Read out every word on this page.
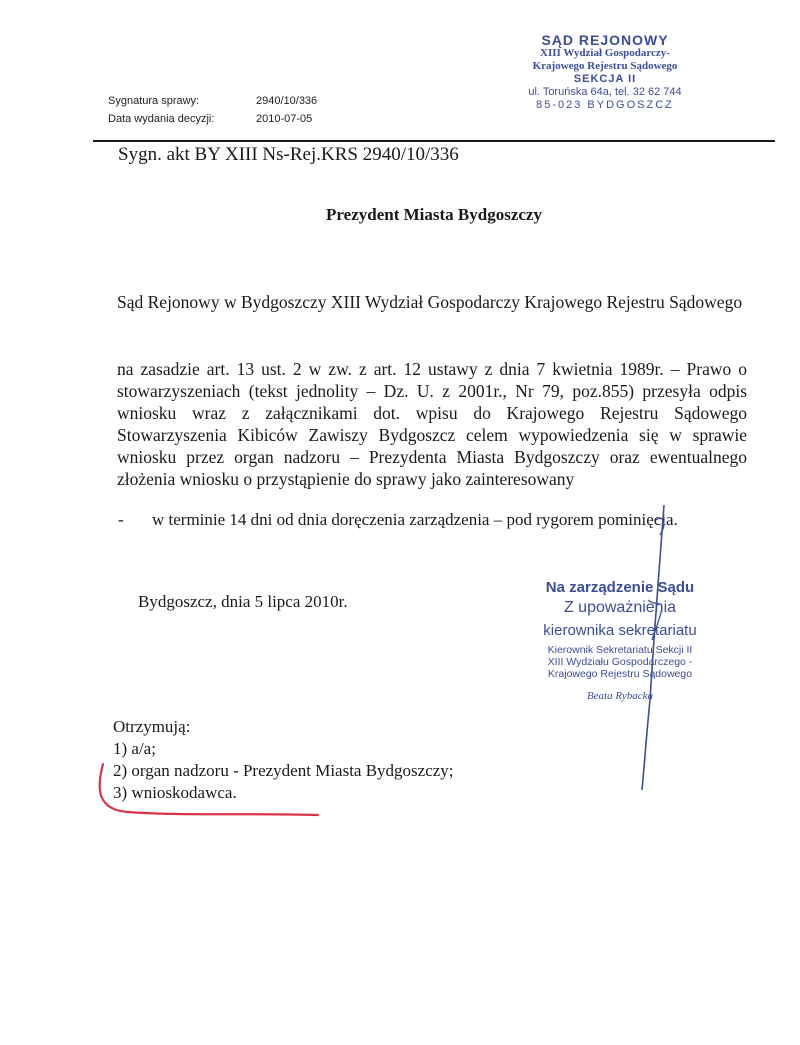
Sygnatura sprawy:	2940/10/336
Data wydania decyzji:	2010-07-05
SĄD REJONOWY
XIII Wydział Gospodarczy-
Krajowego Rejestru Sądowego
SEKCJA II
ul. Toruńska 64a, tel. 32 62 744
85-023 BYDGOSZCZ
Sygn. akt BY XIII Ns-Rej.KRS 2940/10/336
Prezydent Miasta Bydgoszczy
Sąd Rejonowy w Bydgoszczy XIII Wydział Gospodarczy Krajowego Rejestru Sądowego
na zasadzie art. 13 ust. 2 w zw. z art. 12 ustawy z dnia 7 kwietnia 1989r. – Prawo o stowarzyszeniach (tekst jednolity – Dz. U. z 2001r., Nr 79, poz.855) przesyła odpis wniosku wraz z załącznikami dot. wpisu do Krajowego Rejestru Sądowego Stowarzyszenia Kibiców Zawiszy Bydgoszcz celem wypowiedzenia się w sprawie wniosku przez organ nadzoru – Prezydenta Miasta Bydgoszczy oraz ewentualnego złożenia wniosku o przystąpienie do sprawy jako zainteresowany
- w terminie 14 dni od dnia doręczenia zarządzenia – pod rygorem pominięcia.
Bydgoszcz, dnia 5 lipca 2010r.
Na zarządzenie Sądu
Z upoważnienia
kierownika sekretariatu
Kierownik Sekretariatu Sekcji II
XIII Wydziału Gospodarczego -
Krajowego Rejestru Sądowego
Beata Rybacka
Otrzymują:
1) a/a;
2) organ nadzoru - Prezydent Miasta Bydgoszczy;
3) wnioskodawca.
